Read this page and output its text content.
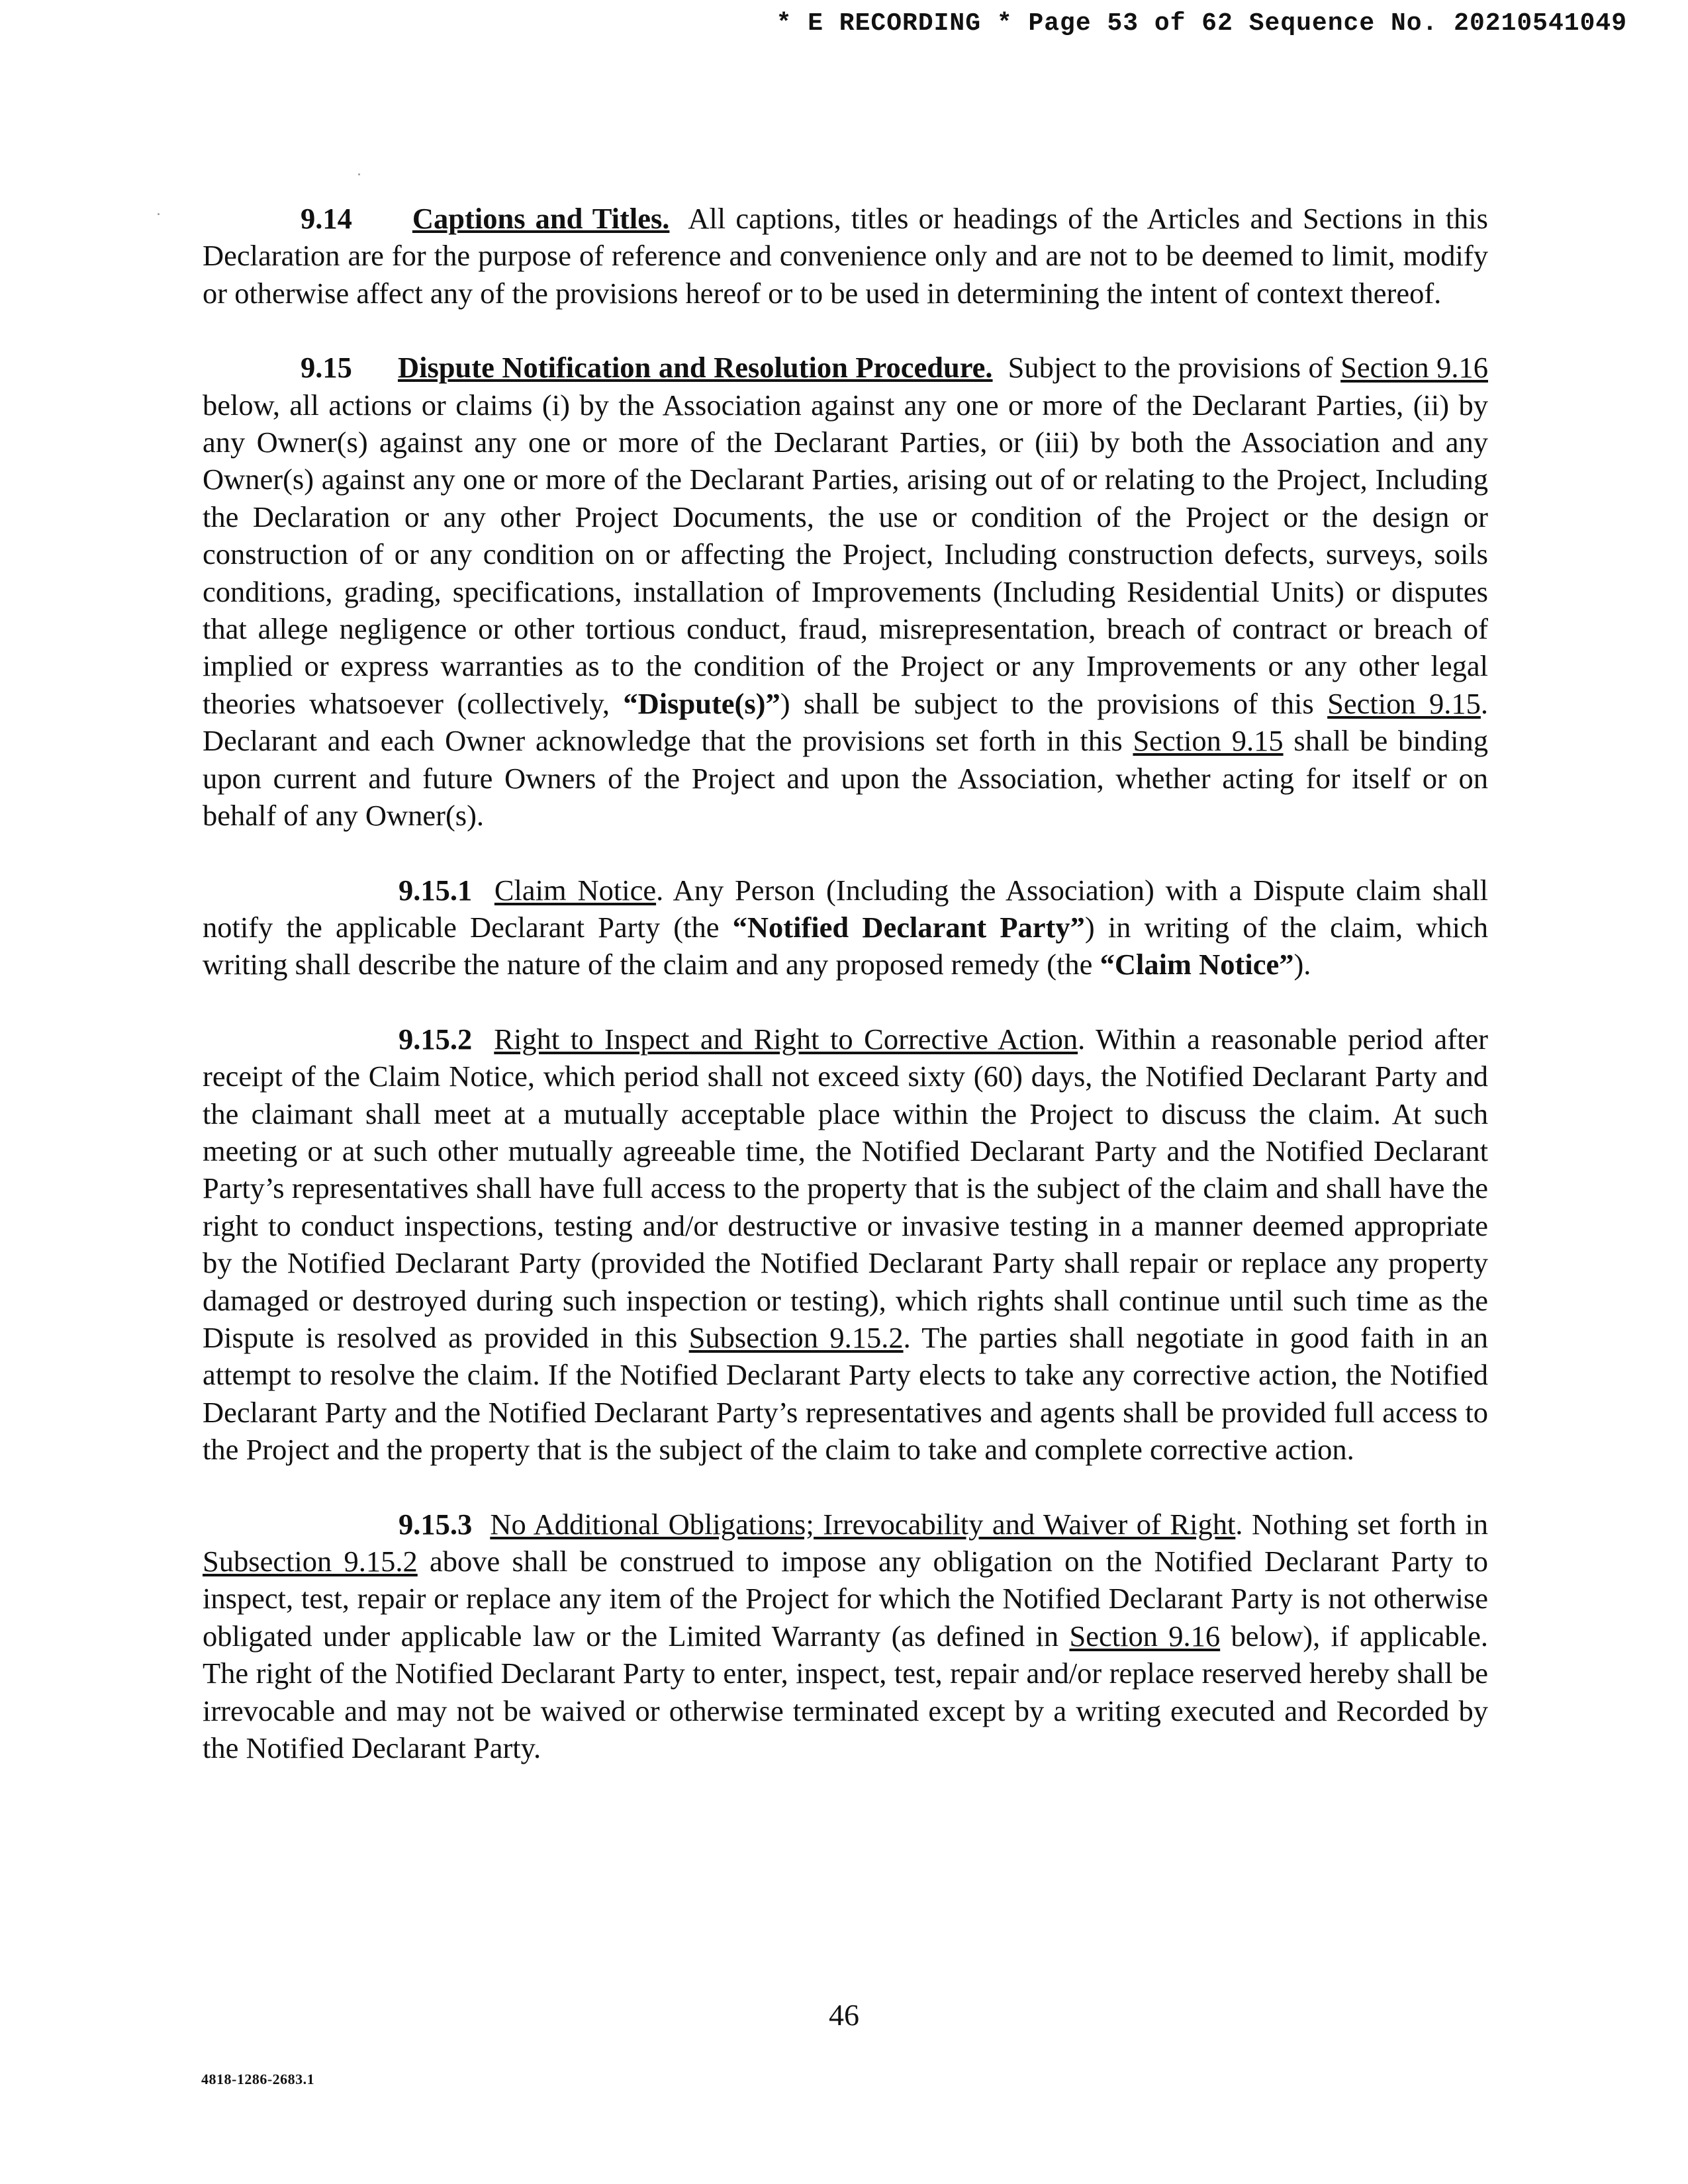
* E RECORDING * Page 53 of 62 Sequence No. 20210541049

9.14 Captions and Titles. All captions, titles or headings of the Articles and Sections in this Declaration are for the purpose of reference and convenience only and are not to be deemed to limit, modify or otherwise affect any of the provisions hereof or to be used in determining the intent of context thereof.

9.15 Dispute Notification and Resolution Procedure. Subject to the provisions of Section 9.16 below, all actions or claims (i) by the Association against any one or more of the Declarant Parties, (ii) by any Owner(s) against any one or more of the Declarant Parties, or (iii) by both the Association and any Owner(s) against any one or more of the Declarant Parties, arising out of or relating to the Project, Including the Declaration or any other Project Documents, the use or condition of the Project or the design or construction of or any condition on or affecting the Project, Including construction defects, surveys, soils conditions, grading, specifications, installation of Improvements (Including Residential Units) or disputes that allege negligence or other tortious conduct, fraud, misrepresentation, breach of contract or breach of implied or express warranties as to the condition of the Project or any Improvements or any other legal theories whatsoever (collectively, “Dispute(s)”) shall be subject to the provisions of this Section 9.15. Declarant and each Owner acknowledge that the provisions set forth in this Section 9.15 shall be binding upon current and future Owners of the Project and upon the Association, whether acting for itself or on behalf of any Owner(s).

9.15.1 Claim Notice. Any Person (Including the Association) with a Dispute claim shall notify the applicable Declarant Party (the “Notified Declarant Party”) in writing of the claim, which writing shall describe the nature of the claim and any proposed remedy (the “Claim Notice”).

9.15.2 Right to Inspect and Right to Corrective Action. Within a reasonable period after receipt of the Claim Notice, which period shall not exceed sixty (60) days, the Notified Declarant Party and the claimant shall meet at a mutually acceptable place within the Project to discuss the claim. At such meeting or at such other mutually agreeable time, the Notified Declarant Party and the Notified Declarant Party’s representatives shall have full access to the property that is the subject of the claim and shall have the right to conduct inspections, testing and/or destructive or invasive testing in a manner deemed appropriate by the Notified Declarant Party (provided the Notified Declarant Party shall repair or replace any property damaged or destroyed during such inspection or testing), which rights shall continue until such time as the Dispute is resolved as provided in this Subsection 9.15.2. The parties shall negotiate in good faith in an attempt to resolve the claim. If the Notified Declarant Party elects to take any corrective action, the Notified Declarant Party and the Notified Declarant Party’s representatives and agents shall be provided full access to the Project and the property that is the subject of the claim to take and complete corrective action.

9.15.3 No Additional Obligations; Irrevocability and Waiver of Right. Nothing set forth in Subsection 9.15.2 above shall be construed to impose any obligation on the Notified Declarant Party to inspect, test, repair or replace any item of the Project for which the Notified Declarant Party is not otherwise obligated under applicable law or the Limited Warranty (as defined in Section 9.16 below), if applicable. The right of the Notified Declarant Party to enter, inspect, test, repair and/or replace reserved hereby shall be irrevocable and may not be waived or otherwise terminated except by a writing executed and Recorded by the Notified Declarant Party.

46
4818-1286-2683.1
